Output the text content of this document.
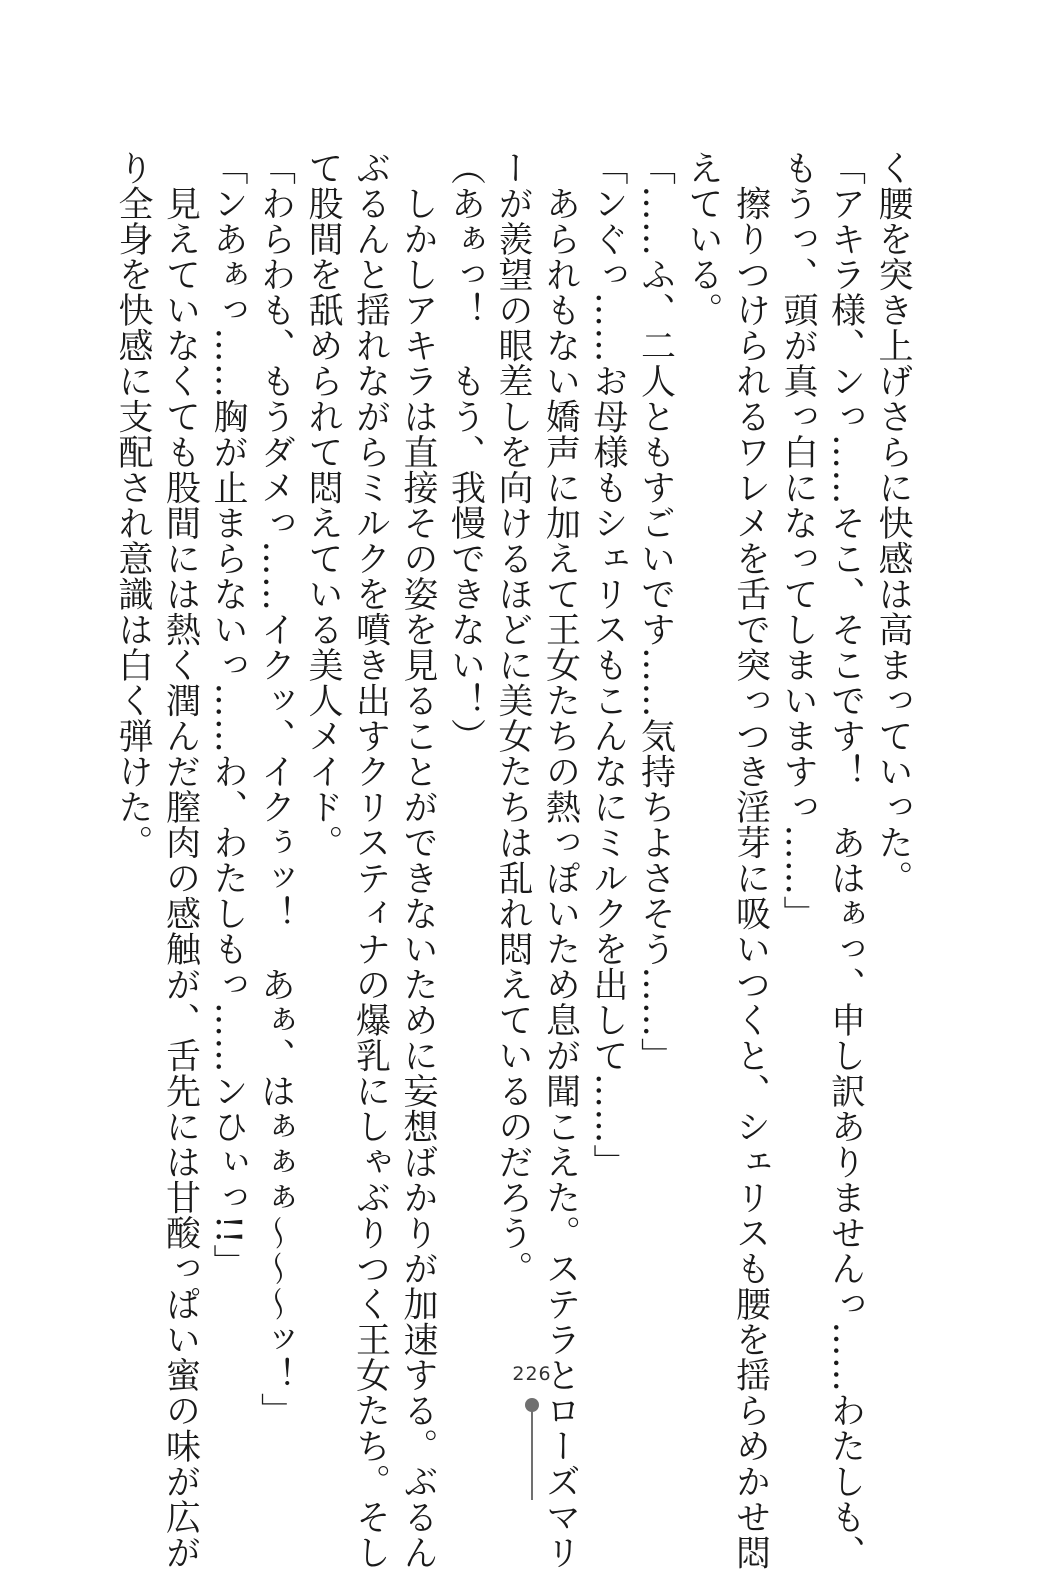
く腰を突き上げさらに快感は高まっていった。
「アキラ様、ンっ……そこ、そこです！　あはぁっ、申し訳ありませんっ……わたしも、
もうっ、頭が真っ白になってしまいますっ……」
　擦りつけられるワレメを舌で突っつき淫芽に吸いつくと、シェリスも腰を揺らめかせ悶
えている。
「……ふ、二人ともすごいです……気持ちよさそう……」
「ンぐっ……お母様もシェリスもこんなにミルクを出して……」
　あられもない嬌声に加えて王女たちの熱っぽいため息が聞こえた。ステラとローズマリ
ーが羨望の眼差しを向けるほどに美女たちは乱れ悶えているのだろう。
（あぁっ！　もう、我慢できない！）
　しかしアキラは直接その姿を見ることができないために妄想ばかりが加速する。ぶるん
ぶるんと揺れながらミルクを噴き出すクリスティナの爆乳にしゃぶりつく王女たち。そし
て股間を舐められて悶えている美人メイド。
「わらわも、もうダメっ……イクッ、イクぅッ！　あぁ、はぁぁぁ～～～ッ！」
「ンあぁっ……胸が止まらないっ……わ、わたしもっ……ンひぃっ!!」
　見えていなくても股間には熱く潤んだ膣肉の感触が、舌先には甘酸っぱい蜜の味が広が
り全身を快感に支配され意識は白く弾けた。
226
